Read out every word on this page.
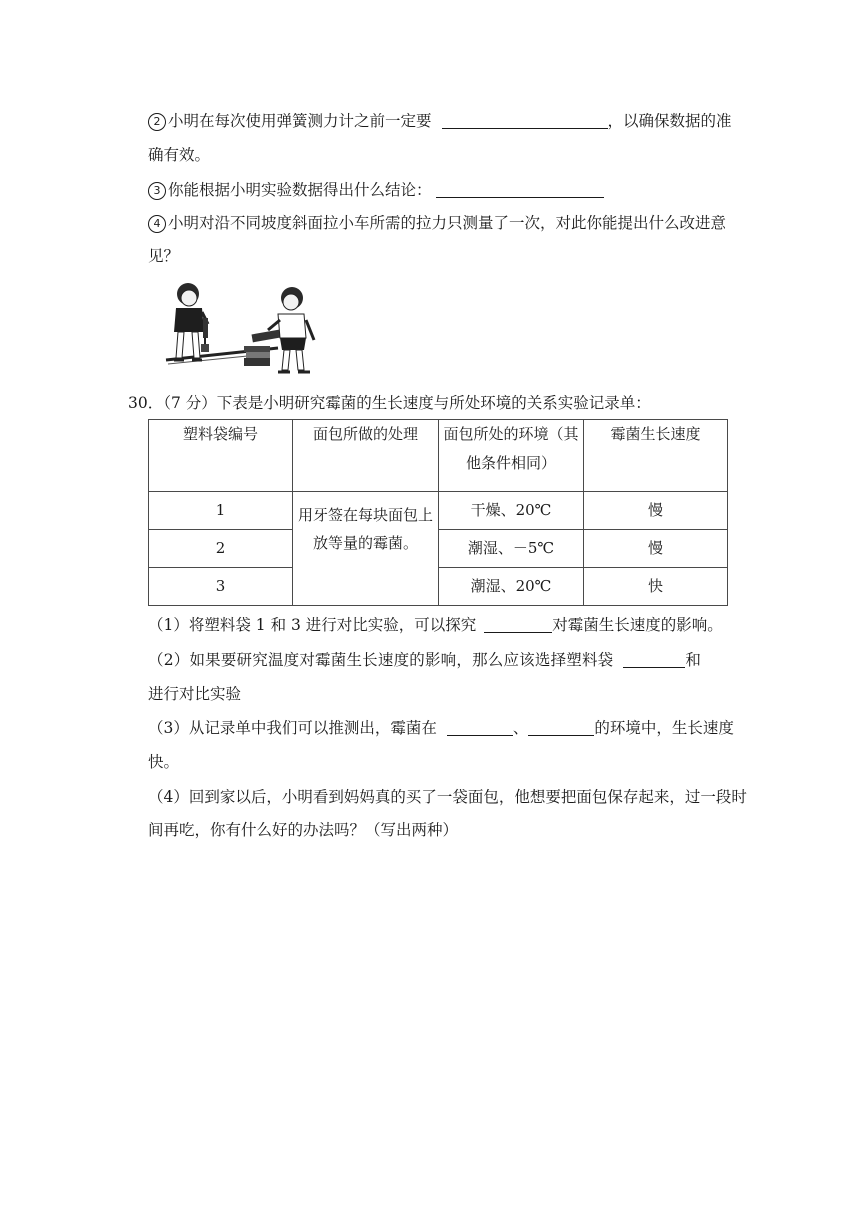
2 小明在每次使用弹簧测力计之前一定要	，以确保数据的准
确有效。
3 你能根据小明实验数据得出什么结论：
4 小明对沿不同坡度斜面拉小车所需的拉力只测量了一次，对此你能提出什么改进意
见？
30．（7 分）下表是小明研究霉菌的生长速度与所处环境的关系实验记录单：
塑料袋编号	面包所做的处理	面包所处的环境（其
他条件相同）	霉菌生长速度
1	用牙签在每块面包上
放等量的霉菌。	干燥、20℃	慢
2		潮湿、－5℃	慢
3		潮湿、20℃	快
（1）将塑料袋 1 和 3 进行对比实验，可以探究	对霉菌生长速度的影响。
（2）如果要研究温度对霉菌生长速度的影响，那么应该选择塑料袋	和
进行对比实验
（3）从记录单中我们可以推测出，霉菌在	、	的环境中，生长速度
快。
（4）回到家以后，小明看到妈妈真的买了一袋面包，他想要把面包保存起来，过一段时
间再吃，你有什么好的办法吗？（写出两种）
